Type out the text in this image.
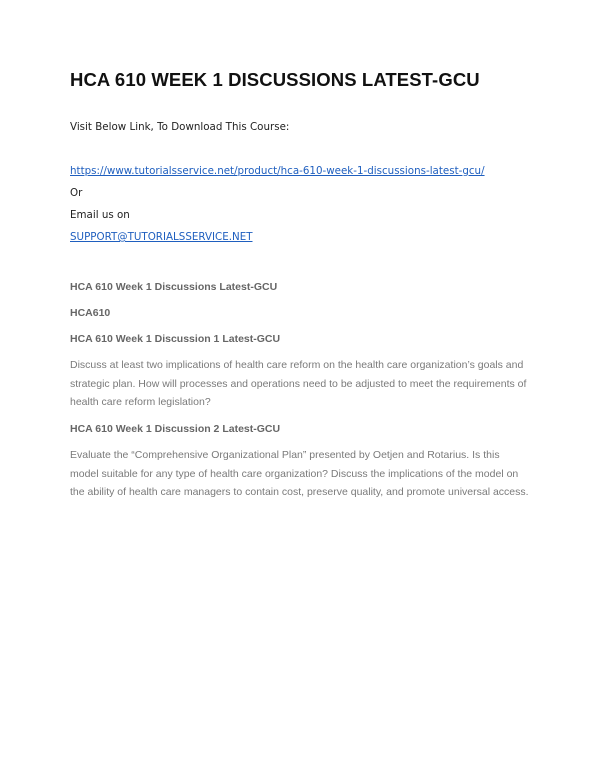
HCA 610 WEEK 1 DISCUSSIONS LATEST-GCU

Visit Below Link, To Download This Course:

https://www.tutorialsservice.net/product/hca-610-week-1-discussions-latest-gcu/

Or

Email us on

SUPPORT@TUTORIALSSERVICE.NET

HCA 610 Week 1 Discussions Latest-GCU

HCA610

HCA 610 Week 1 Discussion 1 Latest-GCU

Discuss at least two implications of health care reform on the health care organization’s goals and strategic plan. How will processes and operations need to be adjusted to meet the requirements of health care reform legislation?

HCA 610 Week 1 Discussion 2 Latest-GCU

Evaluate the “Comprehensive Organizational Plan” presented by Oetjen and Rotarius. Is this model suitable for any type of health care organization? Discuss the implications of the model on the ability of health care managers to contain cost, preserve quality, and promote universal access.
